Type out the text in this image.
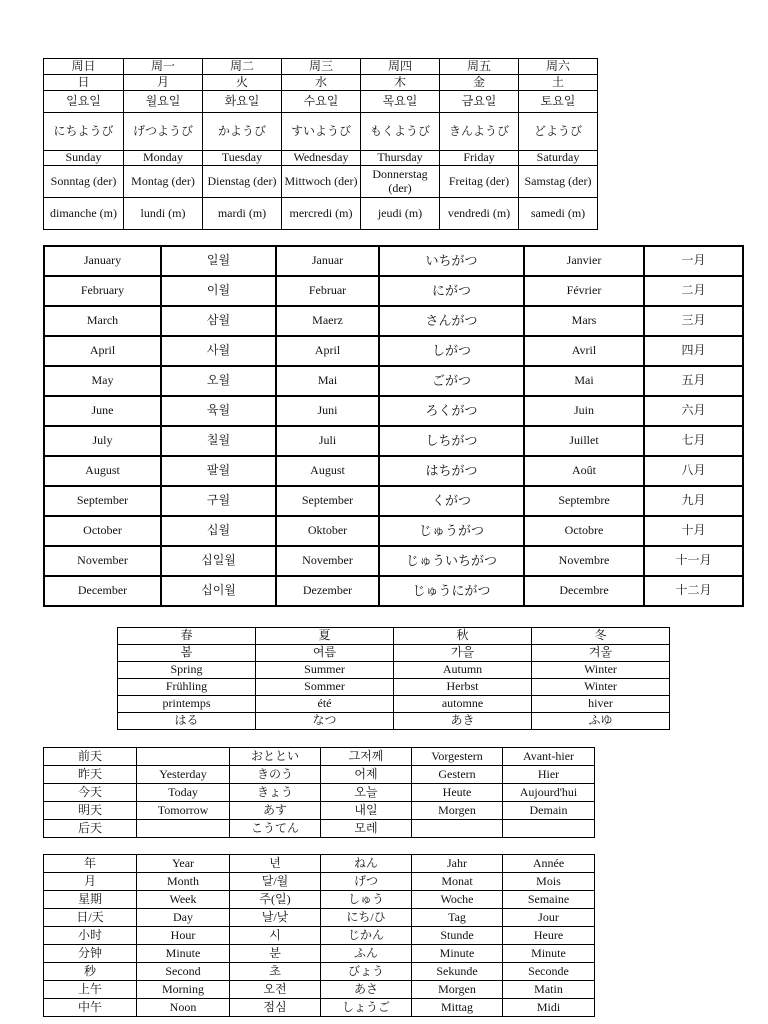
周日	周一	周二	周三	周四	周五	周六
日	月	火	水	木	金	土
일요일	월요일	화요일	수요일	목요일	금요일	토요일
にちようび	げつようび	かようび	すいようび	もくようび	きんようび	どようび
Sunday	Monday	Tuesday	Wednesday	Thursday	Friday	Saturday
Sonntag (der)	Montag (der)	Dienstag (der)	Mittwoch (der)	Donnerstag (der)	Freitag (der)	Samstag (der)
dimanche (m)	lundi (m)	mardi (m)	mercredi (m)	jeudi (m)	vendredi (m)	samedi (m)
January	일월	Januar	いちがつ	Janvier	一月
February	이월	Februar	にがつ	Février	二月
March	삼월	Maerz	さんがつ	Mars	三月
April	사월	April	しがつ	Avril	四月
May	오월	Mai	ごがつ	Mai	五月
June	육월	Juni	ろくがつ	Juin	六月
July	칠월	Juli	しちがつ	Juillet	七月
August	팔월	August	はちがつ	Août	八月
September	구월	September	くがつ	Septembre	九月
October	십월	Oktober	じゅうがつ	Octobre	十月
November	십일월	November	じゅういちがつ	Novembre	十一月
December	십이월	Dezember	じゅうにがつ	Decembre	十二月
春	夏	秋	冬
봄	여름	가을	겨울
Spring	Summer	Autumn	Winter
Frühling	Sommer	Herbst	Winter
printemps	été	automne	hiver
はる	なつ	あき	ふゆ
前天		おととい	그저께	Vorgestern	Avant-hier
昨天	Yesterday	きのう	어제	Gestern	Hier
今天	Today	きょう	오늘	Heute	Aujourd'hui
明天	Tomorrow	あす	내일	Morgen	Demain
后天		こうてん	모레		
年	Year	년	ねん	Jahr	Année
月	Month	달/월	げつ	Monat	Mois
星期	Week	주(일)	しゅう	Woche	Semaine
日/天	Day	날/낮	にち/ひ	Tag	Jour
小时	Hour	시	じかん	Stunde	Heure
分钟	Minute	분	ふん	Minute	Minute
秒	Second	초	びょう	Sekunde	Seconde
上午	Morning	오전	あさ	Morgen	Matin
中午	Noon	점심	しょうご	Mittag	Midi
